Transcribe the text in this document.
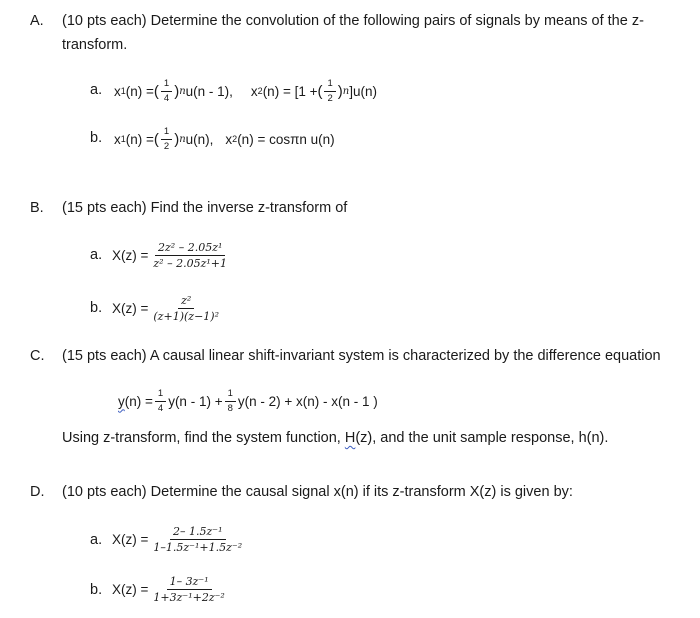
A. (10 pts each) Determine the convolution of the following pairs of signals by means of the z-
transform.
a. x 1 (n) = ( $\frac{1}{4}$ ) n u(n - 1), x 2 (n) = [1 + ( $\frac{1}{2}$ ) n ]u(n)
b. x 1 (n) = ( $\frac{1}{2}$ ) n u(n), x 2 (n) = cosπn u(n)
B. (15 pts each) Find the inverse z-transform of
a. $X(z) = \frac{\text{2z² – 2.05z¹}}{\text{z² – 2.05z¹+1}}$
b. $X(z) = \frac{\text{z²}}{\text{(z+1)(z−1)²}}$
C. (15 pts each) A causal linear shift-invariant system is characterized by the difference equation
y $(n) = \frac{1}{4} y(n - 1) + \frac{1}{8} y(n - 2) + x(n) - x(n - 1$ )
Using z-transform, find the system function, H(z), and the unit sample response, h(n).
D. (10 pts each) Determine the causal signal x(n) if its z-transform X(z) is given by:
a. $X(z) = \frac{\text{2– 1.5z⁻¹}}{\text{1–1.5z⁻¹+1.5z⁻²}}$
b. $X(z) = \frac{\text{1– 3z⁻¹}}{\text{1+3z⁻¹+2z⁻²}}$
